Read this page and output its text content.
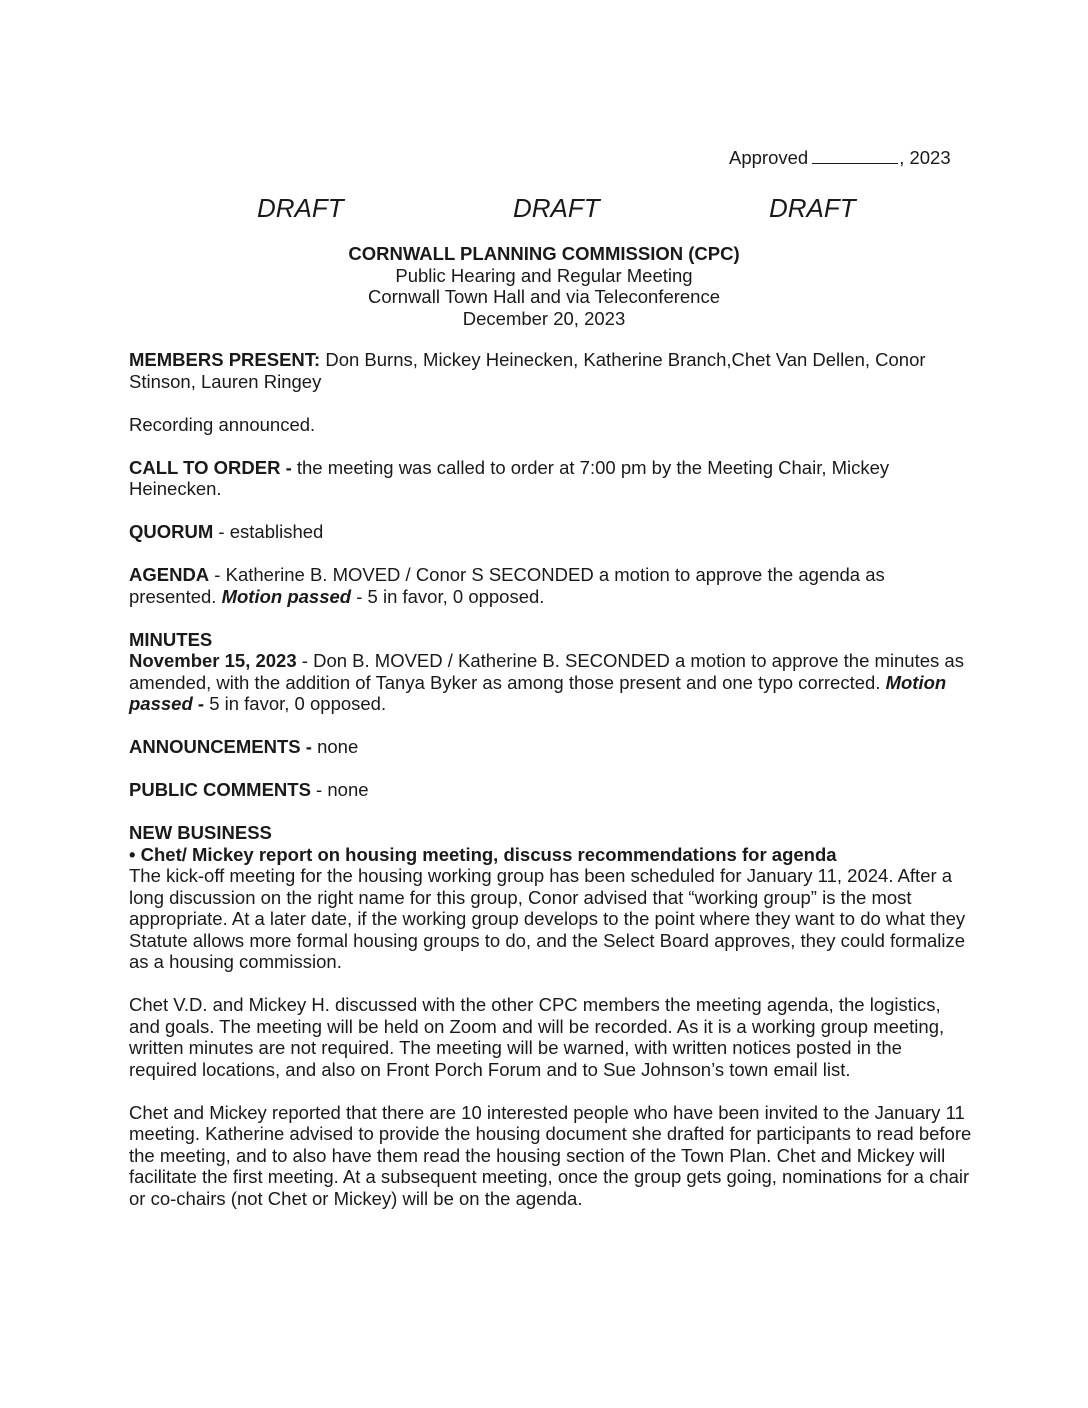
Approved	, 2023
DRAFT	DRAFT	DRAFT
CORNWALL PLANNING COMMISSION (CPC)
Public Hearing and Regular Meeting
Cornwall Town Hall and via Teleconference
December 20, 2023

MEMBERS PRESENT: Don Burns, Mickey Heinecken, Katherine Branch,Chet Van Dellen, Conor Stinson, Lauren Ringey

Recording announced.

CALL TO ORDER - the meeting was called to order at 7:00 pm by the Meeting Chair, Mickey Heinecken.

QUORUM - established

AGENDA - Katherine B. MOVED / Conor S SECONDED a motion to approve the agenda as presented. Motion passed - 5 in favor, 0 opposed.

MINUTES

November 15, 2023 - Don B. MOVED / Katherine B. SECONDED a motion to approve the minutes as amended, with the addition of Tanya Byker as among those present and one typo corrected. Motion passed - 5 in favor, 0 opposed.

ANNOUNCEMENTS - none

PUBLIC COMMENTS - none

NEW BUSINESS
• Chet/ Mickey report on housing meeting, discuss recommendations for agenda

The kick-off meeting for the housing working group has been scheduled for January 11, 2024. After a long discussion on the right name for this group, Conor advised that “working group” is the most appropriate. At a later date, if the working group develops to the point where they want to do what they Statute allows more formal housing groups to do, and the Select Board approves, they could formalize as a housing commission.

Chet V.D. and Mickey H. discussed with the other CPC members the meeting agenda, the logistics, and goals. The meeting will be held on Zoom and will be recorded. As it is a working group meeting, written minutes are not required. The meeting will be warned, with written notices posted in the required locations, and also on Front Porch Forum and to Sue Johnson’s town email list.

Chet and Mickey reported that there are 10 interested people who have been invited to the January 11 meeting. Katherine advised to provide the housing document she drafted for participants to read before the meeting, and to also have them read the housing section of the Town Plan. Chet and Mickey will facilitate the first meeting. At a subsequent meeting, once the group gets going, nominations for a chair or co-chairs (not Chet or Mickey) will be on the agenda.
